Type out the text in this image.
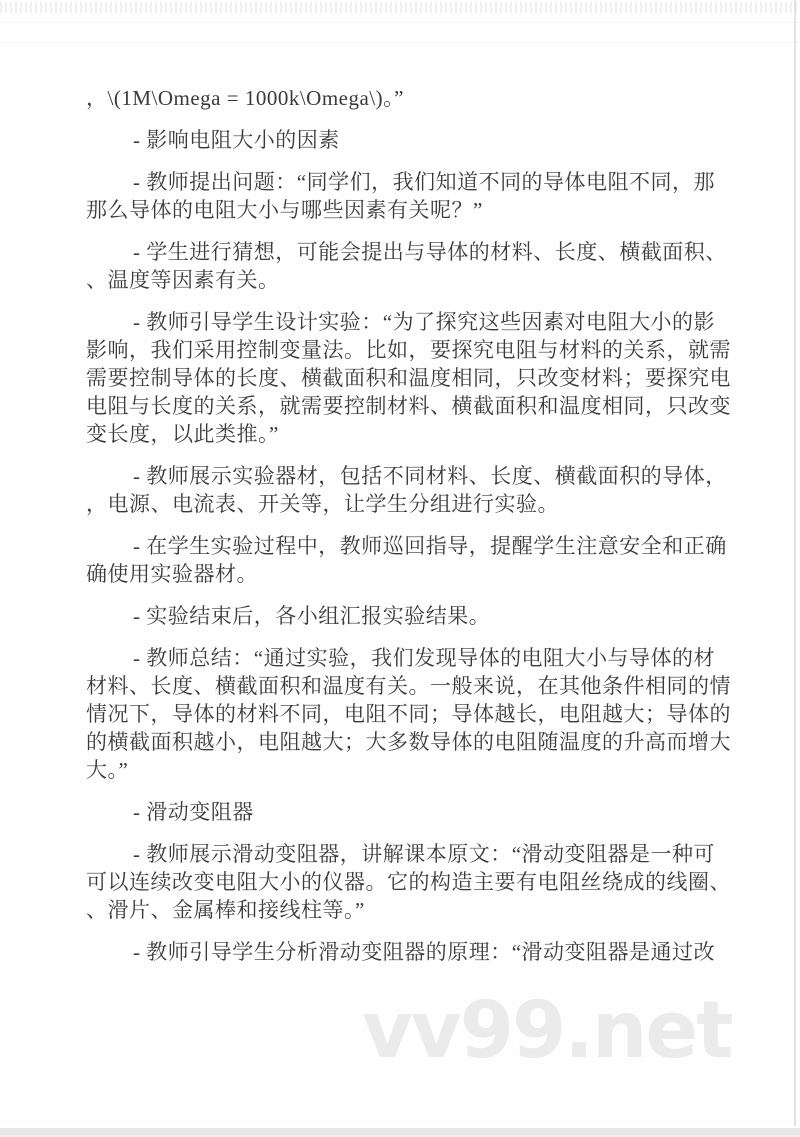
，\(1M\Omega = 1000k\Omega\)。”

- 影响电阻大小的因素

- 教师提出问题：“同学们，我们知道不同的导体电阻不同，那
那么导体的电阻大小与哪些因素有关呢？”

- 学生进行猜想，可能会提出与导体的材料、长度、横截面积、
、温度等因素有关。

- 教师引导学生设计实验：“为了探究这些因素对电阻大小的影
影响，我们采用控制变量法。比如，要探究电阻与材料的关系，就需
需要控制导体的长度、横截面积和温度相同，只改变材料；要探究电
电阻与长度的关系，就需要控制材料、横截面积和温度相同，只改变
变长度，以此类推。”

- 教师展示实验器材，包括不同材料、长度、横截面积的导体，
，电源、电流表、开关等，让学生分组进行实验。

- 在学生实验过程中，教师巡回指导，提醒学生注意安全和正确
确使用实验器材。

- 实验结束后，各小组汇报实验结果。

- 教师总结：“通过实验，我们发现导体的电阻大小与导体的材
材料、长度、横截面积和温度有关。一般来说，在其他条件相同的情
情况下，导体的材料不同，电阻不同；导体越长，电阻越大；导体的
的横截面积越小，电阻越大；大多数导体的电阻随温度的升高而增大
大。”

- 滑动变阻器

- 教师展示滑动变阻器，讲解课本原文：“滑动变阻器是一种可
可以连续改变电阻大小的仪器。它的构造主要有电阻丝绕成的线圈、
、滑片、金属棒和接线柱等。”

- 教师引导学生分析滑动变阻器的原理：“滑动变阻器是通过改

vv99.net
